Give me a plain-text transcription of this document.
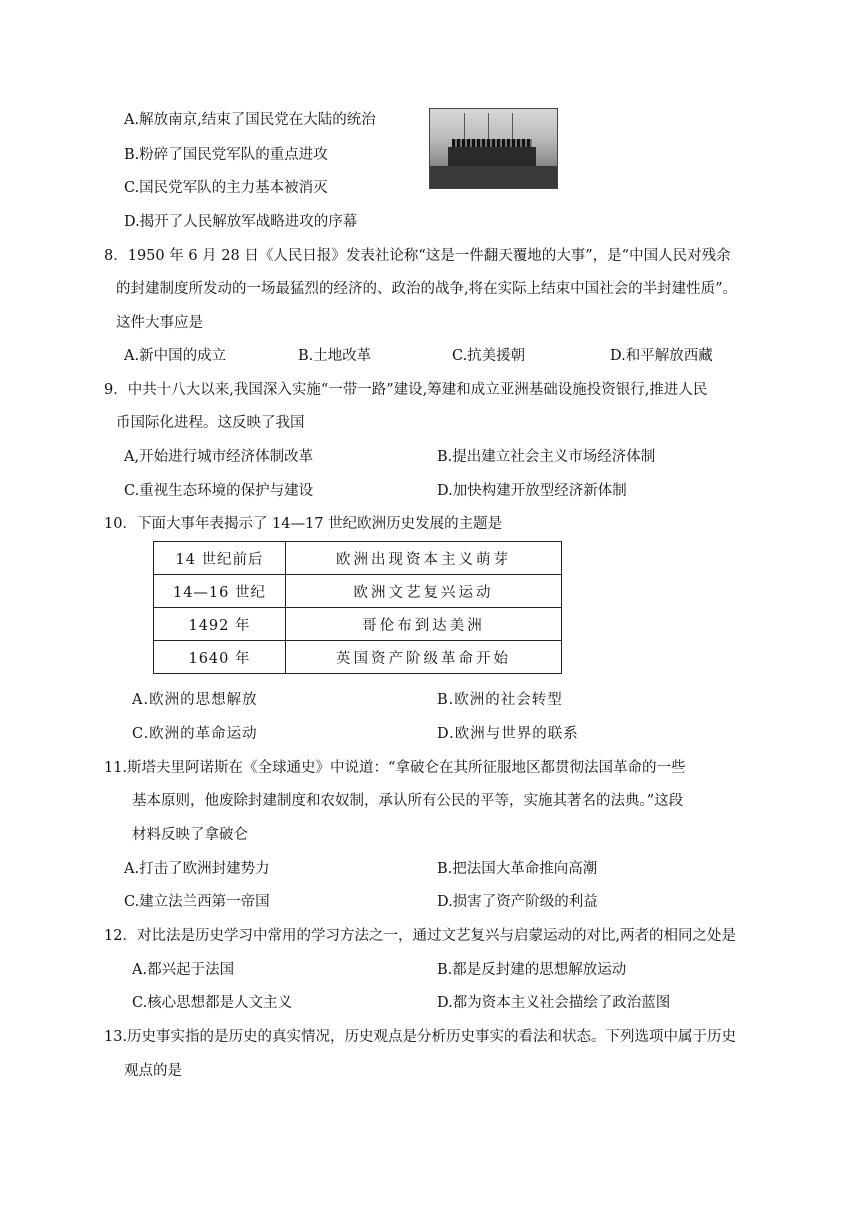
A.解放南京,结束了国民党在大陆的统治
B.粉碎了国民党军队的重点进攻
C.国民党军队的主力基本被消灭
D.揭开了人民解放军战略进攻的序幕
8．1950 年 6 月 28 日《人民日报》发表社论称“这是一件翻天覆地的大事”，是“中国人民对残余
的封建制度所发动的一场最猛烈的经济的、政治的战争,将在实际上结束中国社会的半封建性质”。
这件大事应是
A.新中国的成立	B.土地改革	C.抗美援朝	D.和平解放西藏
9．中共十八大以来,我国深入实施“一带一路”建设,筹建和成立亚洲基础设施投资银行,推进人民
币国际化进程。这反映了我国
A,开始进行城市经济体制改革	B.提出建立社会主义市场经济体制
C.重视生态环境的保护与建设	D.加快构建开放型经济新体制
10．下面大事年表揭示了 14—17 世纪欧洲历史发展的主题是
14 世纪前后	欧洲出现资本主义萌芽
14—16 世纪	欧洲文艺复兴运动
1492 年	哥伦布到达美洲
1640 年	英国资产阶级革命开始
A.欧洲的思想解放	B.欧洲的社会转型
C.欧洲的革命运动	D.欧洲与世界的联系
11.斯塔夫里阿诺斯在《全球通史》中说道：“拿破仑在其所征服地区都贯彻法国革命的一些
基本原则，他废除封建制度和农奴制，承认所有公民的平等，实施其著名的法典。”这段
材料反映了拿破仑
A.打击了欧洲封建势力	B.把法国大革命推向高潮
C.建立法兰西第一帝国	D.损害了资产阶级的利益
12．对比法是历史学习中常用的学习方法之一，通过文艺复兴与启蒙运动的对比,两者的相同之处是
A.都兴起于法国	B.都是反封建的思想解放运动
C.核心思想都是人文主义	D.都为资本主义社会描绘了政治蓝图
13.历史事实指的是历史的真实情况，历史观点是分析历史事实的看法和状态。下列选项中属于历史
观点的是
